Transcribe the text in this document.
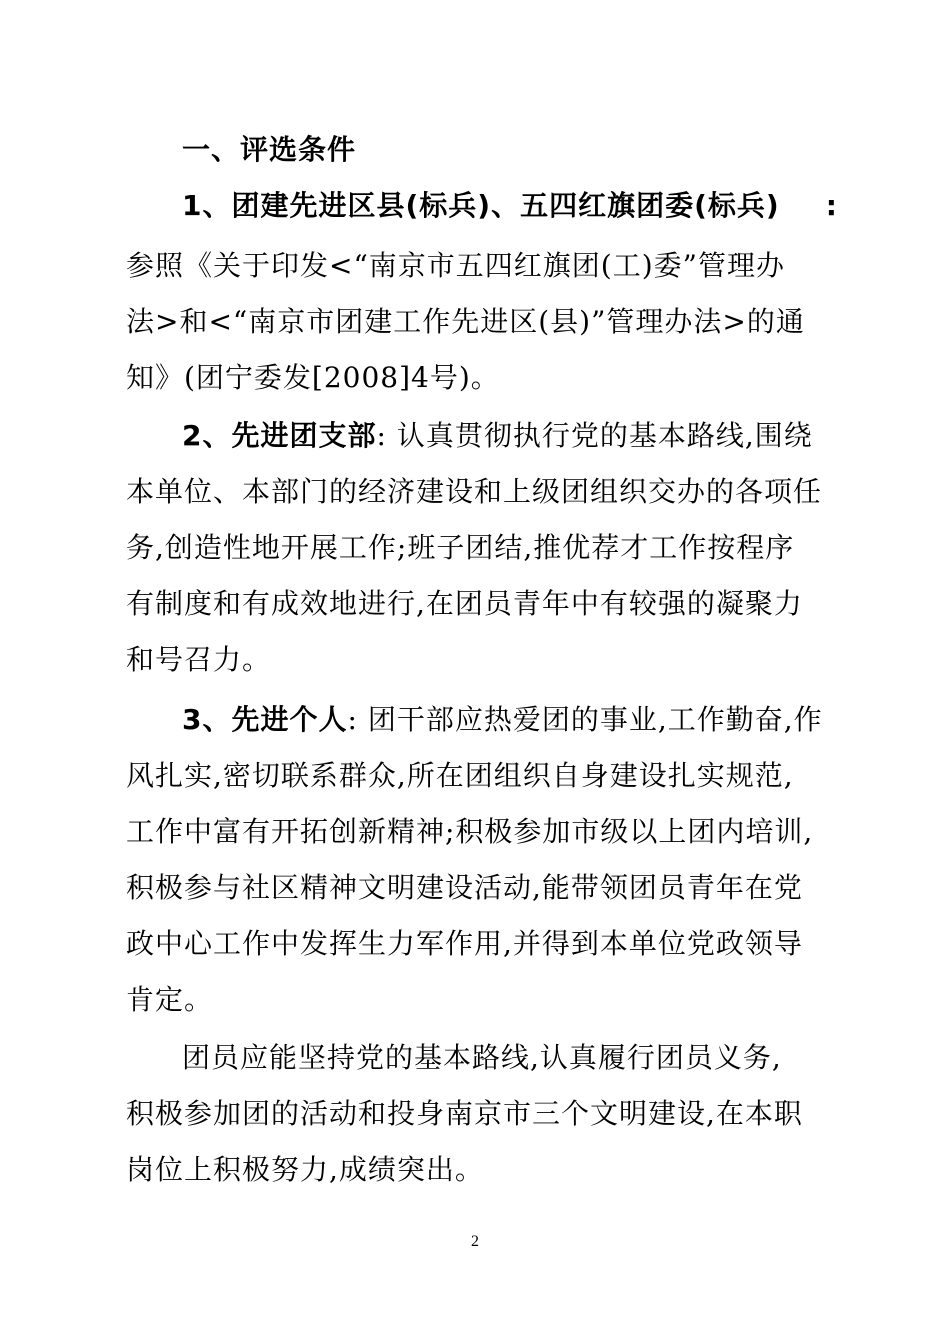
一、评选条件
1、团建先进区县(标兵)、五四红旗团委(标兵) :
参照《关于印发<“南京市五四红旗团(工)委”管理办
法>和<“南京市团建工作先进区(县)”管理办法>的通
知》(团宁委发[2008]4号)。
2、先进团支部: 认真贯彻执行党的基本路线,围绕
本单位、本部门的经济建设和上级团组织交办的各项任
务,创造性地开展工作;班子团结,推优荐才工作按程序
有制度和有成效地进行,在团员青年中有较强的凝聚力
和号召力。
3、先进个人: 团干部应热爱团的事业,工作勤奋,作
风扎实,密切联系群众,所在团组织自身建设扎实规范,
工作中富有开拓创新精神;积极参加市级以上团内培训,
积极参与社区精神文明建设活动,能带领团员青年在党
政中心工作中发挥生力军作用,并得到本单位党政领导
肯定。
团员应能坚持党的基本路线,认真履行团员义务,
积极参加团的活动和投身南京市三个文明建设,在本职
岗位上积极努力,成绩突出。
2
